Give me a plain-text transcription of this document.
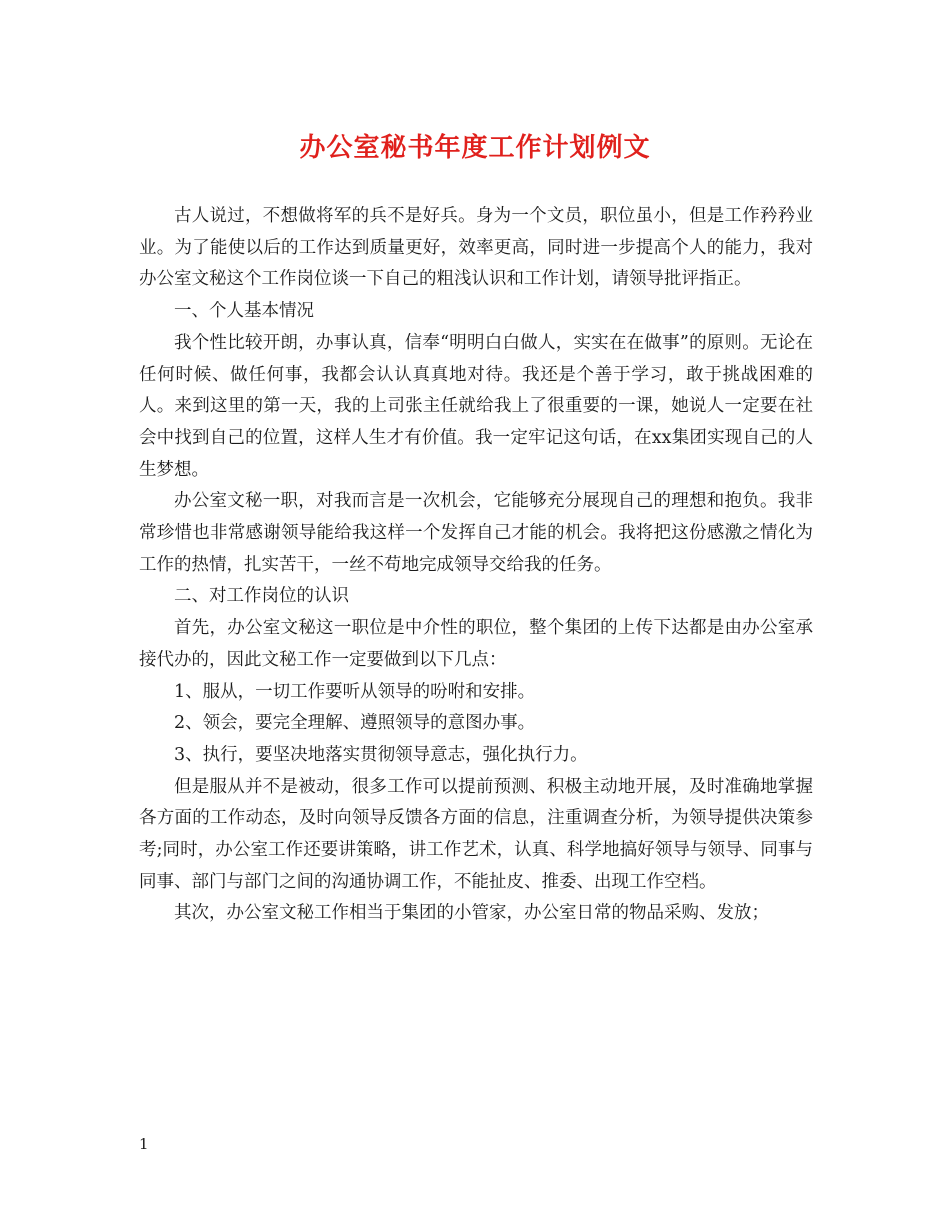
办公室秘书年度工作计划例文

古人说过，不想做将军的兵不是好兵。身为一个文员，职位虽小，但是工作矜矜业业。为了能使以后的工作达到质量更好，效率更高，同时进一步提高个人的能力，我对办公室文秘这个工作岗位谈一下自己的粗浅认识和工作计划，请领导批评指正。

一、个人基本情况

我个性比较开朗，办事认真，信奉“明明白白做人，实实在在做事”的原则。无论在任何时候、做任何事，我都会认认真真地对待。我还是个善于学习，敢于挑战困难的人。来到这里的第一天，我的上司张主任就给我上了很重要的一课，她说人一定要在社会中找到自己的位置，这样人生才有价值。我一定牢记这句话，在xx集团实现自己的人生梦想。

办公室文秘一职，对我而言是一次机会，它能够充分展现自己的理想和抱负。我非常珍惜也非常感谢领导能给我这样一个发挥自己才能的机会。我将把这份感激之情化为工作的热情，扎实苦干，一丝不苟地完成领导交给我的任务。

二、对工作岗位的认识

首先，办公室文秘这一职位是中介性的职位，整个集团的上传下达都是由办公室承接代办的，因此文秘工作一定要做到以下几点：

1、服从，一切工作要听从领导的吩咐和安排。

2、领会，要完全理解、遵照领导的意图办事。

3、执行，要坚决地落实贯彻领导意志，强化执行力。

但是服从并不是被动，很多工作可以提前预测、积极主动地开展，及时准确地掌握各方面的工作动态，及时向领导反馈各方面的信息，注重调查分析，为领导提供决策参考;同时，办公室工作还要讲策略，讲工作艺术，认真、科学地搞好领导与领导、同事与同事、部门与部门之间的沟通协调工作，不能扯皮、推委、出现工作空档。

其次，办公室文秘工作相当于集团的小管家，办公室日常的物品采购、发放；

1
